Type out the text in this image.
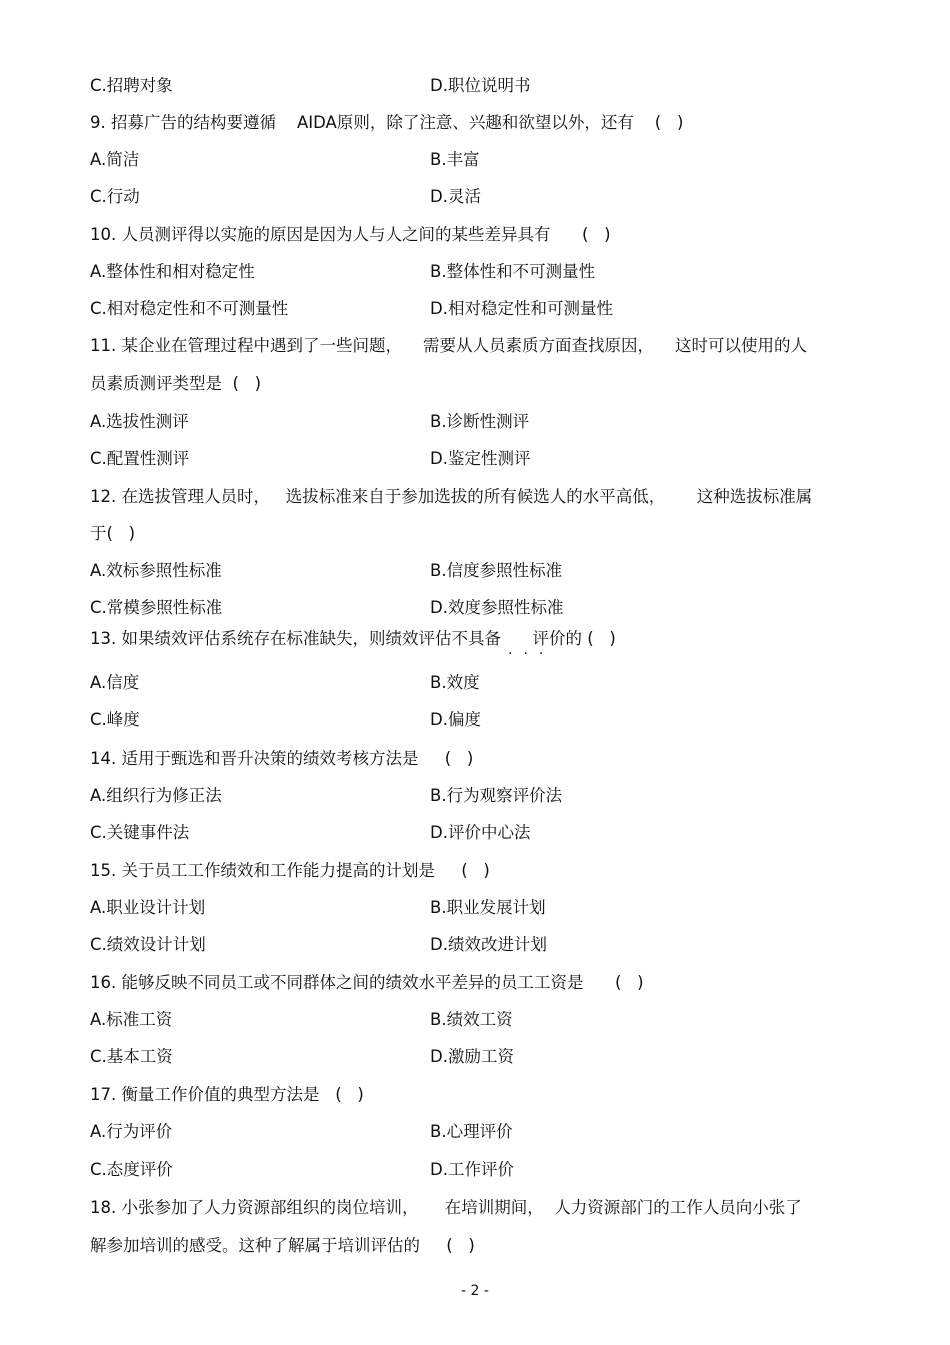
C.招聘对象	D.职位说明书
9. 招募广告的结构要遵循    AIDA原则，除了注意、兴趣和欲望以外，还有    (   )
A.简洁	B.丰富
C.行动	D.灵活
10. 人员测评得以实施的原因是因为人与人之间的某些差异具有      (   )
A.整体性和相对稳定性	B.整体性和不可测量性
C.相对稳定性和不可测量性	D.相对稳定性和可测量性
11. 某企业在管理过程中遇到了一些问题，    需要从人员素质方面查找原因，    这时可以使用的人
员素质测评类型是  (   )
A.选拔性测评	B.诊断性测评
C.配置性测评	D.鉴定性测评
12. 在选拔管理人员时，   选拔标准来自于参加选拔的所有候选人的水平高低，      这种选拔标准属
于(   )
A.效标参照性标准	B.信度参照性标准
C.常模参照性标准	D.效度参照性标准
13. 如果绩效评估系统存在标准缺失，则绩效评估不具备      评价的 (   )
···
A.信度	B.效度
C.峰度	D.偏度
14. 适用于甄选和晋升决策的绩效考核方法是     (   )
A.组织行为修正法	B.行为观察评价法
C.关键事件法	D.评价中心法
15. 关于员工工作绩效和工作能力提高的计划是     (   )
A.职业设计计划	B.职业发展计划
C.绩效设计计划	D.绩效改进计划
16. 能够反映不同员工或不同群体之间的绩效水平差异的员工工资是      (   )
A.标准工资	B.绩效工资
C.基本工资	D.激励工资
17. 衡量工作价值的典型方法是   (   )
A.行为评价	B.心理评价
C.态度评价	D.工作评价
18. 小张参加了人力资源部组织的岗位培训，     在培训期间，  人力资源部门的工作人员向小张了
解参加培训的感受。这种了解属于培训评估的     (   )
- 2 -
